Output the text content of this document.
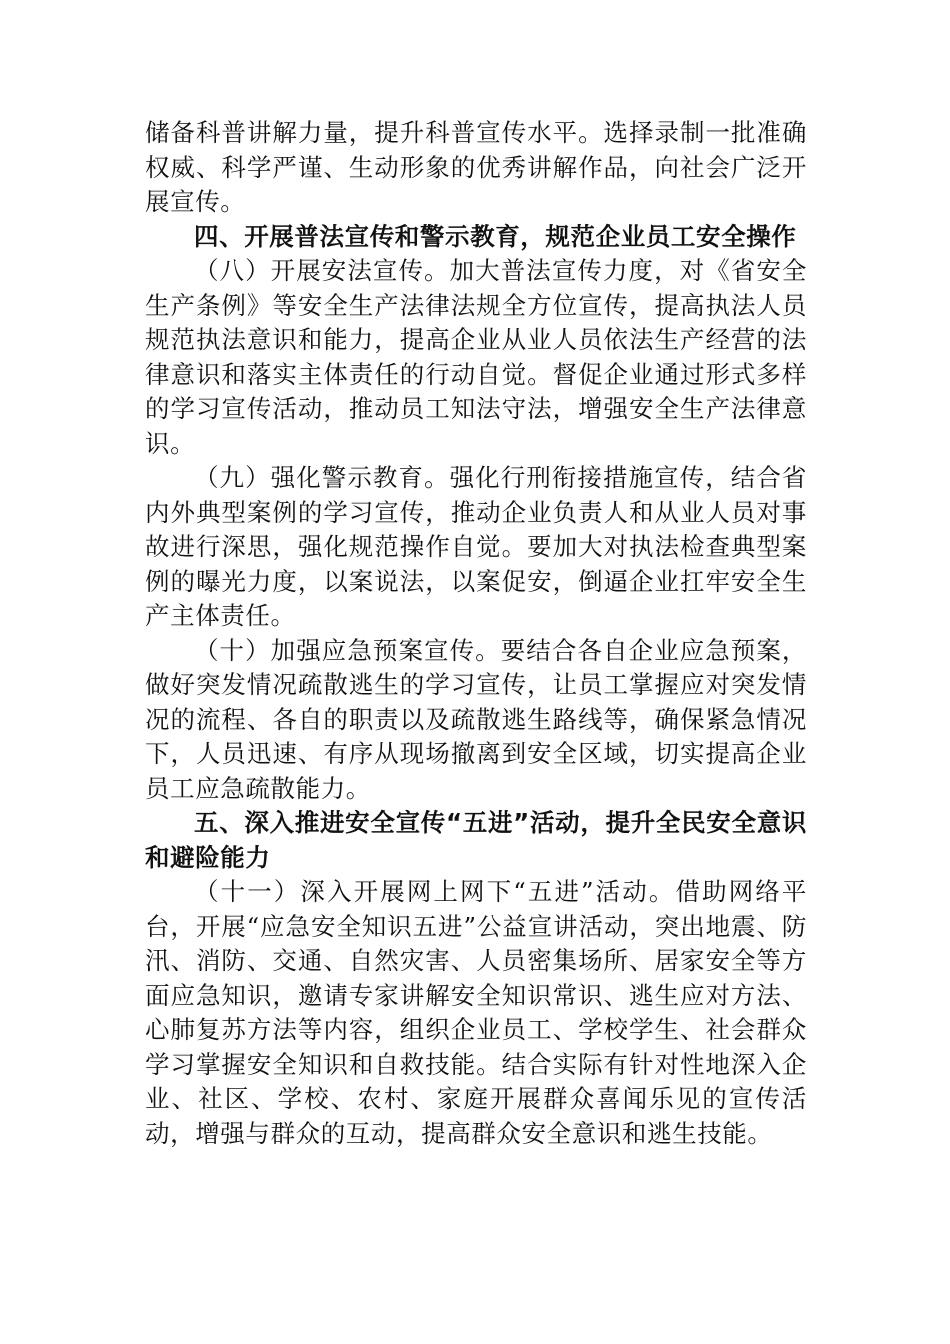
储备科普讲解力量，提升科普宣传水平。选择录制一批准确权威、科学严谨、生动形象的优秀讲解作品，向社会广泛开展宣传。

四、开展普法宣传和警示教育，规范企业员工安全操作

（八）开展安法宣传。加大普法宣传力度，对《省安全生产条例》等安全生产法律法规全方位宣传，提高执法人员规范执法意识和能力，提高企业从业人员依法生产经营的法律意识和落实主体责任的行动自觉。督促企业通过形式多样的学习宣传活动，推动员工知法守法，增强安全生产法律意识。

（九）强化警示教育。强化行刑衔接措施宣传，结合省内外典型案例的学习宣传，推动企业负责人和从业人员对事故进行深思，强化规范操作自觉。要加大对执法检查典型案例的曝光力度，以案说法，以案促安，倒逼企业扛牢安全生产主体责任。

（十）加强应急预案宣传。要结合各自企业应急预案，做好突发情况疏散逃生的学习宣传，让员工掌握应对突发情况的流程、各自的职责以及疏散逃生路线等，确保紧急情况下，人员迅速、有序从现场撤离到安全区域，切实提高企业员工应急疏散能力。

五、深入推进安全宣传“五进”活动，提升全民安全意识和避险能力

（十一）深入开展网上网下“五进”活动。借助网络平台，开展“应急安全知识五进”公益宣讲活动，突出地震、防汛、消防、交通、自然灾害、人员密集场所、居家安全等方面应急知识，邀请专家讲解安全知识常识、逃生应对方法、心肺复苏方法等内容，组织企业员工、学校学生、社会群众学习掌握安全知识和自救技能。结合实际有针对性地深入企业、社区、学校、农村、家庭开展群众喜闻乐见的宣传活动，增强与群众的互动，提高群众安全意识和逃生技能。
